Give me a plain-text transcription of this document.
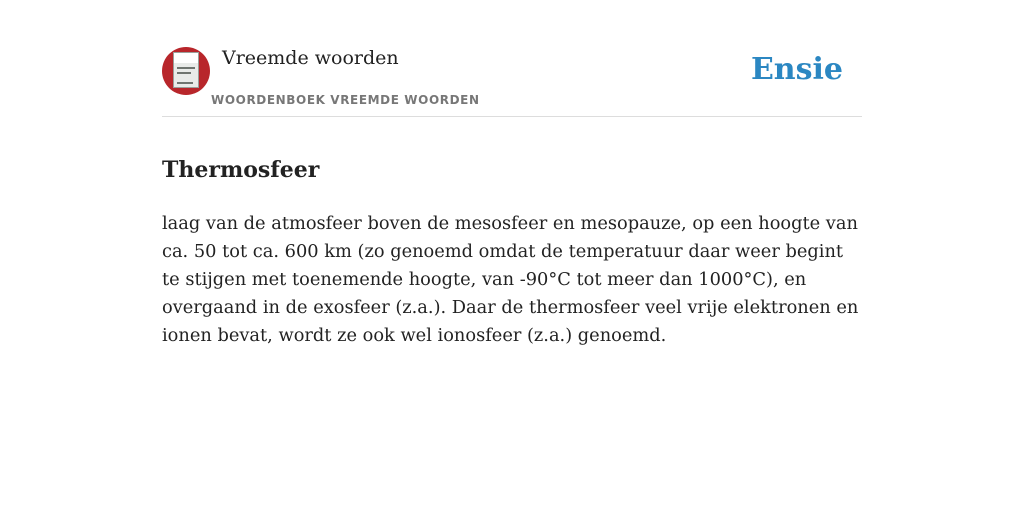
Vreemde woorden
WOORDENBOEK VREEMDE WOORDEN
Ensie
Thermosfeer

laag van de atmosfeer boven de mesosfeer en mesopauze, op een hoogte van ca. 50 tot ca. 600 km (zo genoemd omdat de temperatuur daar weer begint te stijgen met toenemende hoogte, van -90°C tot meer dan 1000°C), en overgaand in de exosfeer (z.a.). Daar de thermosfeer veel vrije elektronen en ionen bevat, wordt ze ook wel ionosfeer (z.a.) genoemd.
